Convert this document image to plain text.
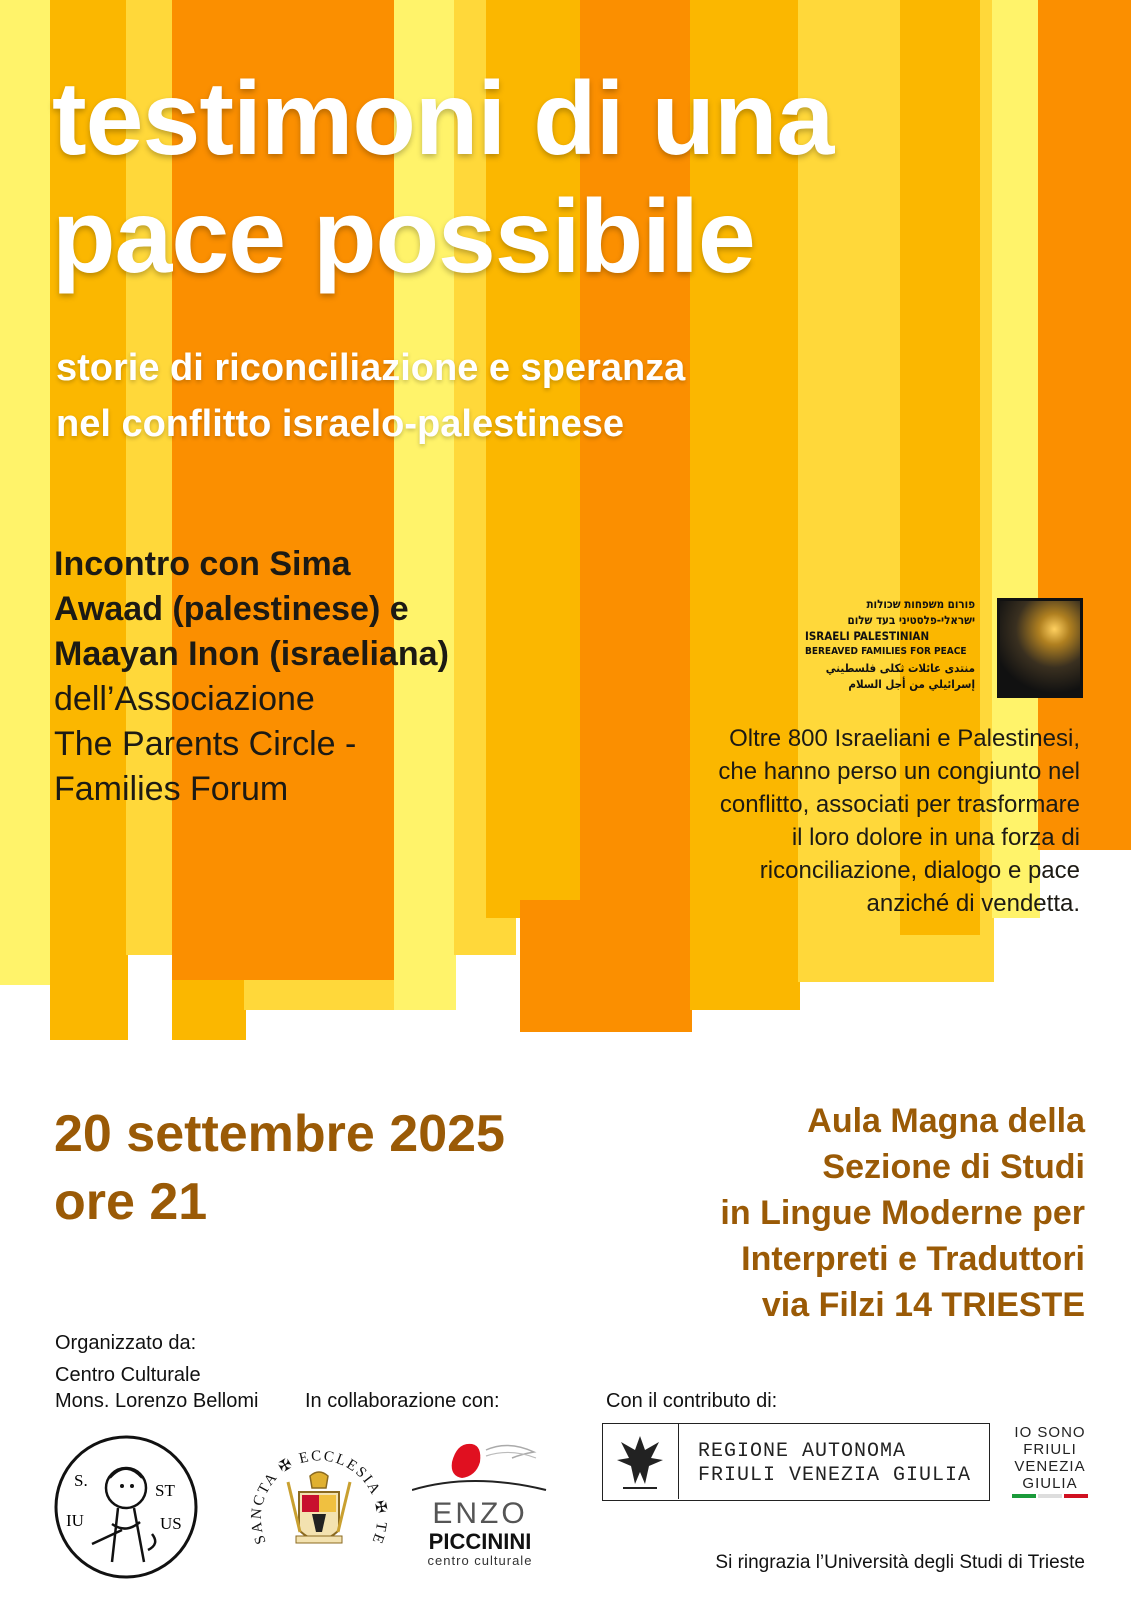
testimoni di una
pace possibile
storie di riconciliazione e speranza
nel conflitto israelo-palestinese
Incontro con Sima
Awaad (palestinese) e
Maayan Inon (israeliana)
dell’Associazione
The Parents Circle -
Families Forum
פורום משפחות שכולות
ישראלי-פלסטיני בעד שלום
ISRAELI PALESTINIAN
BEREAVED FAMILIES FOR PEACE
منتدى عائلات ثكلى فلسطيني
إسرائيلي من أجل السلام
Oltre 800 Israeliani e Palestinesi,
che hanno perso un congiunto nel
conflitto, associati per trasformare
il loro dolore in una forza di
riconciliazione, dialogo e pace
anziché di vendetta.
20 settembre 2025
ore 21
Aula Magna della
Sezione di Studi
in Lingue Moderne per
Interpreti e Traduttori
via Filzi 14 TRIESTE
Organizzato da:
Centro Culturale
Mons. Lorenzo Bellomi In collaborazione con:	Con il contributo di:
S.
IU
ST
US
SANCTA ✠ ECCLESIA ✠ TE
ENZO
PICCININI
centro culturale
REGIONE AUTONOMA
FRIULI VENEZIA GIULIA
IO SONO
FRIULI
VENEZIA
GIULIA
Si ringrazia l’Università degli Studi di Trieste
